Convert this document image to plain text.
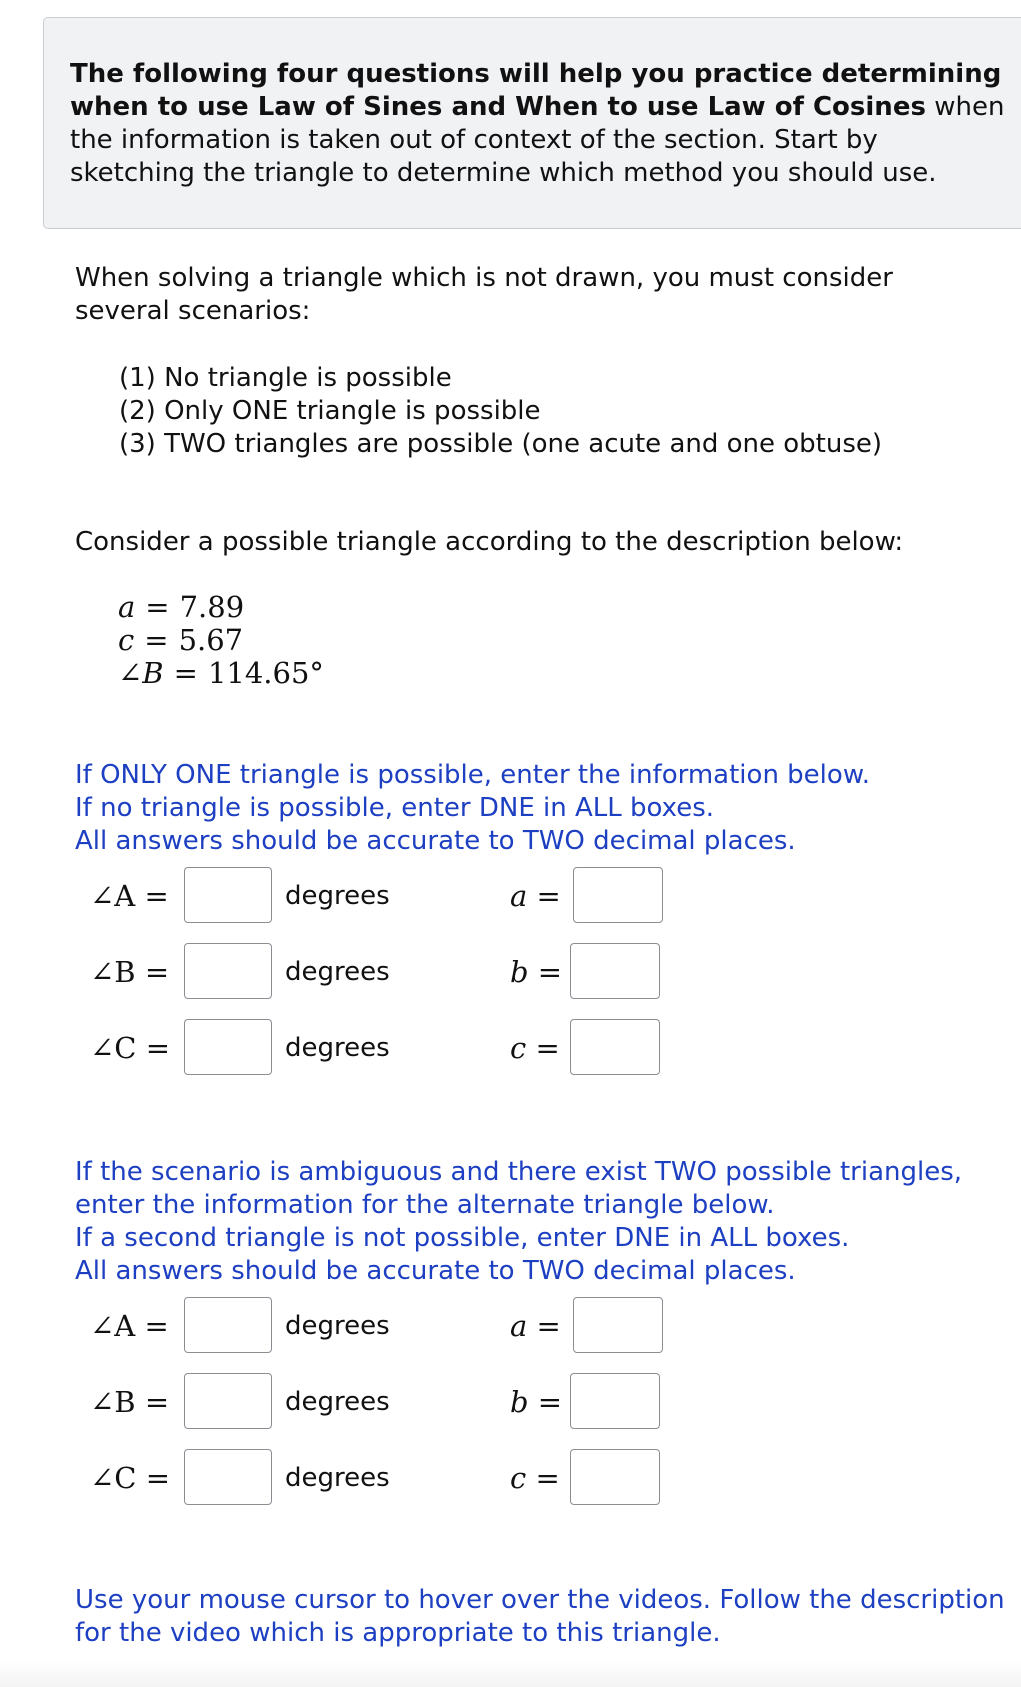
The following four questions will help you practice determining when to use Law of Sines and When to use Law of Cosines when the information is taken out of context of the section. Start by sketching the triangle to determine which method you should use.
When solving a triangle which is not drawn, you must consider several scenarios:
(1) No triangle is possible
(2) Only ONE triangle is possible
(3) TWO triangles are possible (one acute and one obtuse)
Consider a possible triangle according to the description below:
a = 7.89
c = 5.67
∠B = 114.65°
If ONLY ONE triangle is possible, enter the information below.
If no triangle is possible, enter DNE in ALL boxes.
All answers should be accurate to TWO decimal places.
∠A =	degrees	a =
∠B =	degrees	b =
∠C =	degrees	c =
If the scenario is ambiguous and there exist TWO possible triangles, enter the information for the alternate triangle below.
If a second triangle is not possible, enter DNE in ALL boxes.
All answers should be accurate to TWO decimal places.
∠A =	degrees	a =
∠B =	degrees	b =
∠C =	degrees	c =
Use your mouse cursor to hover over the videos. Follow the description for the video which is appropriate to this triangle.
